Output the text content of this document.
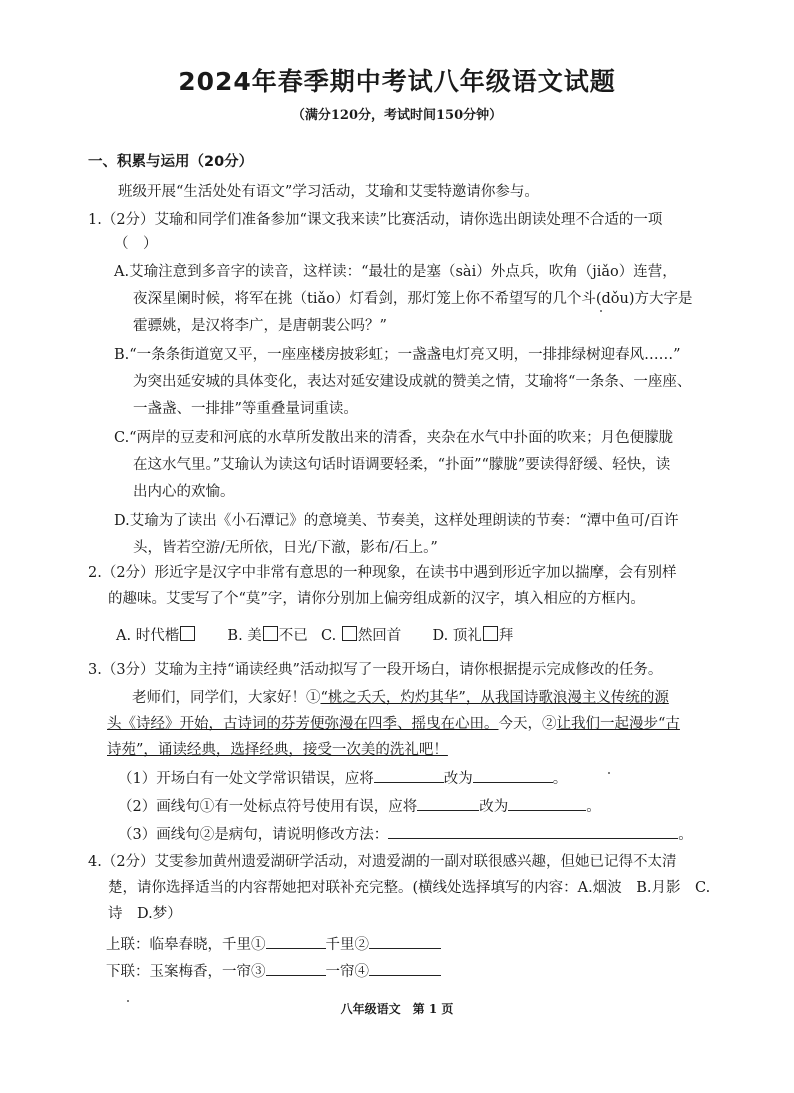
2024年春季期中考试八年级语文试题
（满分120分，考试时间150分钟）
一、积累与运用（20分）
班级开展“生活处处有语文”学习活动，艾瑜和艾雯特邀请你参与。
1.（2分）艾瑜和同学们准备参加“课文我来读”比赛活动，请你选出朗读处理不合适的一项
（　）
A.艾瑜注意到多音字的读音，这样读：“最壮的是塞（sài）外点兵，吹角（jiǎo）连营，
夜深星阑时候，将军在挑（tiǎo）灯看剑，那灯笼上你不希望写的几个斗(dǒu)方大字是
霍骠姚，是汉将李广，是唐朝裴公吗？”
B.“一条条街道宽又平，一座座楼房披彩虹；一盏盏电灯亮又明，一排排绿树迎春风……”
为突出延安城的具体变化，表达对延安建设成就的赞美之情，艾瑜将“一条条、一座座、
一盏盏、一排排”等重叠量词重读。
C.“两岸的豆麦和河底的水草所发散出来的清香，夹杂在水气中扑面的吹来；月色便朦胧
在这水气里。”艾瑜认为读这句话时语调要轻柔，“扑面”“朦胧”要读得舒缓、轻快，读
出内心的欢愉。
D.艾瑜为了读出《小石潭记》的意境美、节奏美，这样处理朗读的节奏：“潭中鱼可/百许
头，皆若空游/无所依，日光/下澈，影布/石上。”
2.（2分）形近字是汉字中非常有意思的一种现象，在读书中遇到形近字加以揣摩，会有别样
的趣味。艾雯写了个“莫”字，请你分别加上偏旁组成新的汉字，填入相应的方框内。
A. 时代楷	B. 美 不已 C. 然回首 D. 顶礼 拜
3.（3分）艾瑜为主持“诵读经典”活动拟写了一段开场白，请你根据提示完成修改的任务。
老师们，同学们，大家好！①“桃之夭夭，灼灼其华”，从我国诗歌浪漫主义传统的源
头《诗经》开始，古诗词的芬芳便弥漫在四季、摇曳在心田。今天，②让我们一起漫步“古
诗苑”，诵读经典，选择经典，接受一次美的洗礼吧！
（1）开场白有一处文学常识错误，应将	改为	。
（2）画线句①有一处标点符号使用有误，应将	改为	。
（3）画线句②是病句，请说明修改方法：	。
4.（2分）艾雯参加黄州遗爱湖研学活动，对遗爱湖的一副对联很感兴趣，但她已记得不太清
楚，请你选择适当的内容帮她把对联补充完整。(横线处选择填写的内容：A.烟波　B.月影　C.
诗　D.梦）
上联：临皋春晓，千里①	千里②
下联：玉案梅香，一帘③	一帘④
八年级语文　第 1 页
